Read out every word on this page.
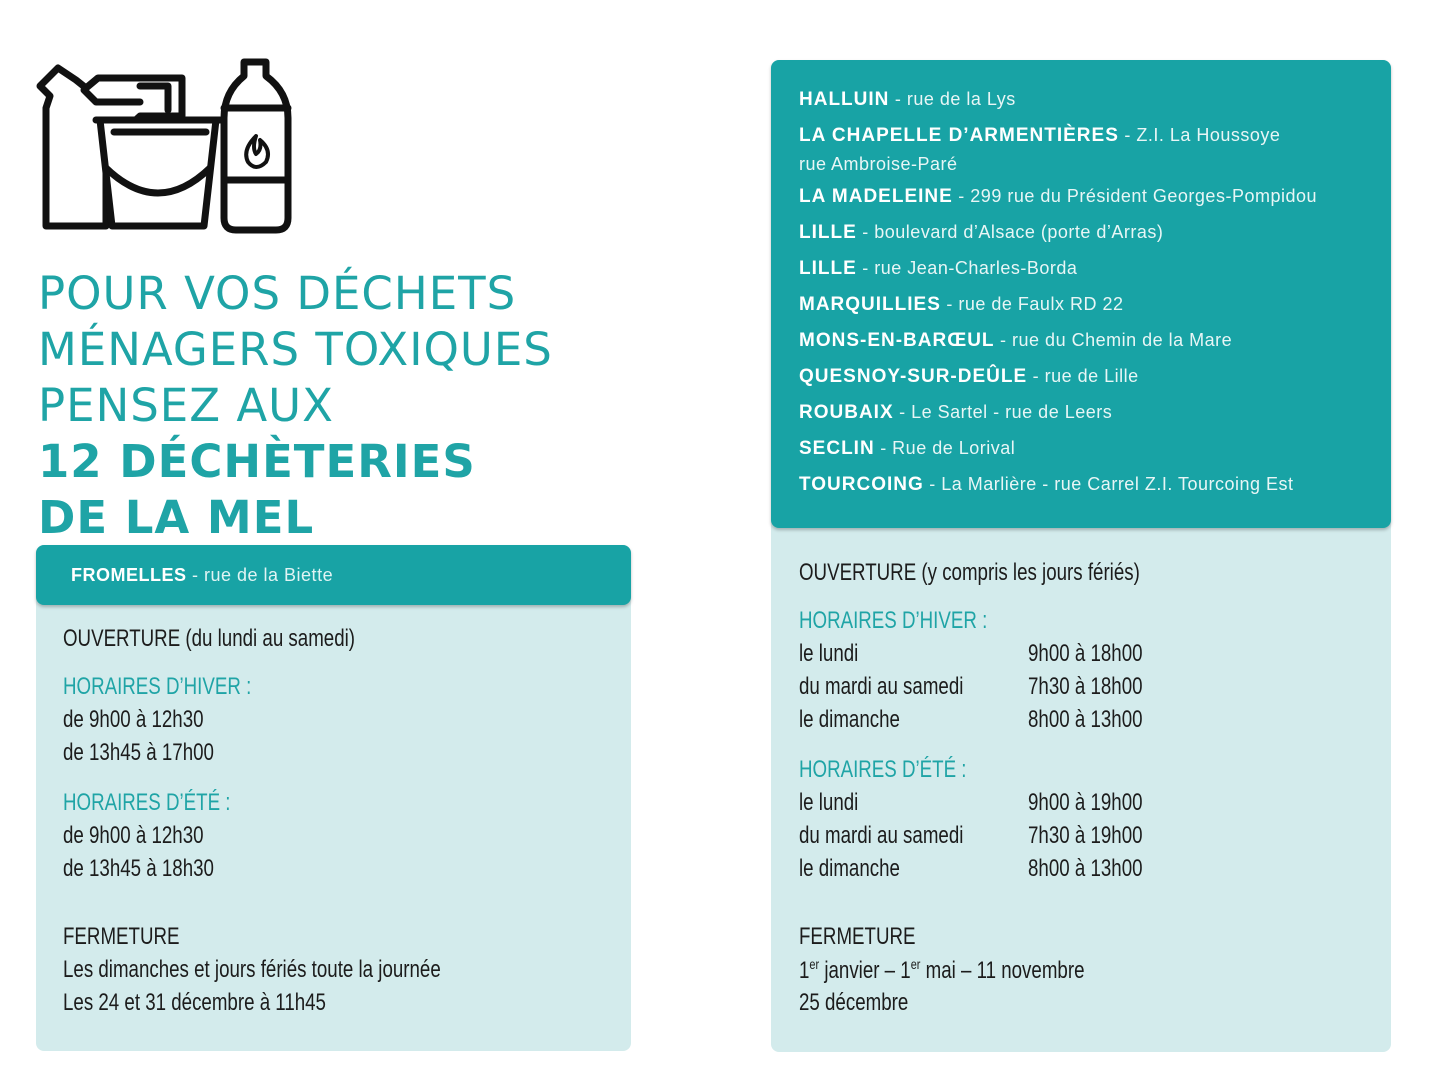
POUR VOS DÉCHETS
MÉNAGERS TOXIQUES
PENSEZ AUX
12 DÉCHÈTERIES
DE LA MEL
OUVERTURE (du lundi au samedi)
HORAIRES D’HIVER :
de 9h00 à 12h30
de 13h45 à 17h00
HORAIRES D’ÉTÉ :
de 9h00 à 12h30
de 13h45 à 18h30
FERMETURE
Les dimanches et jours fériés toute la journée
Les 24 et 31 décembre à 11h45
FROMELLES - rue de la Biette	OUVERTURE (y compris les jours fériés)
HORAIRES D’HIVER :
le lundi	9h00 à 18h00
du mardi au samedi	7h30 à 18h00
le dimanche	8h00 à 13h00
HORAIRES D’ÉTÉ :
le lundi	9h00 à 19h00
du mardi au samedi	7h30 à 19h00
le dimanche	8h00 à 13h00
FERMETURE
1er janvier – 1er mai – 11 novembre
25 décembre
HALLUIN - rue de la Lys
LA CHAPELLE D’ARMENTIÈRES - Z.I. La Houssoye
rue Ambroise-Paré
LA MADELEINE - 299 rue du Président Georges-Pompidou
LILLE - boulevard d’Alsace (porte d’Arras)
LILLE - rue Jean-Charles-Borda
MARQUILLIES - rue de Faulx RD 22
MONS-EN-BARŒUL - rue du Chemin de la Mare
QUESNOY-SUR-DEÛLE - rue de Lille
ROUBAIX - Le Sartel - rue de Leers
SECLIN - Rue de Lorival
TOURCOING - La Marlière - rue Carrel Z.I. Tourcoing Est
